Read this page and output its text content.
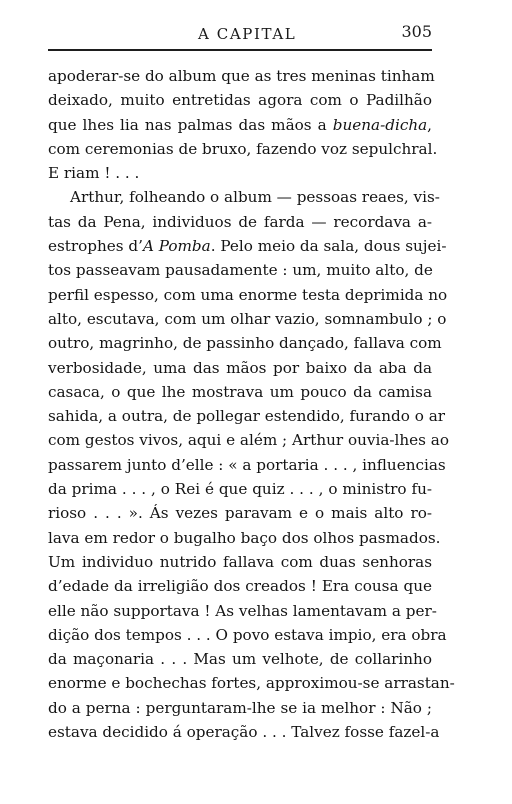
A CAPITAL	305
apoderar-se do album que as tres meninas tinham
deixado, muito entretidas agora com o Padilhão
que lhes lia nas palmas das mãos a buena-dicha,
com ceremonias de bruxo, fazendo voz sepulchral.
E riam ! . . .
Arthur, folheando o album — pessoas reaes, vis-
tas da Pena, individuos de farda — recordava a-
estrophes d’A Pomba. Pelo meio da sala, dous sujei-
tos passeavam pausadamente : um, muito alto, de
perfil espesso, com uma enorme testa deprimida no
alto, escutava, com um olhar vazio, somnambulo ; o
outro, magrinho, de passinho dançado, fallava com
verbosidade, uma das mãos por baixo da aba da
casaca, o que lhe mostrava um pouco da camisa
sahida, a outra, de pollegar estendido, furando o ar
com gestos vivos, aqui e além ; Arthur ouvia-lhes ao
passarem junto d’elle : « a portaria . . . , influencias
da prima . . . , o Rei é que quiz . . . , o ministro fu-
rioso . . . ». Ás vezes paravam e o mais alto ro-
lava em redor o bugalho baço dos olhos pasmados.
Um individuo nutrido fallava com duas senhoras
d’edade da irreligião dos creados ! Era cousa que
elle não supportava ! As velhas lamentavam a per-
dição dos tempos . . . O povo estava impio, era obra
da maçonaria . . . Mas um velhote, de collarinho
enorme e bochechas fortes, approximou-se arrastan-
do a perna : perguntaram-lhe se ia melhor : Não ;
estava decidido á operação . . . Talvez fosse fazel-a
